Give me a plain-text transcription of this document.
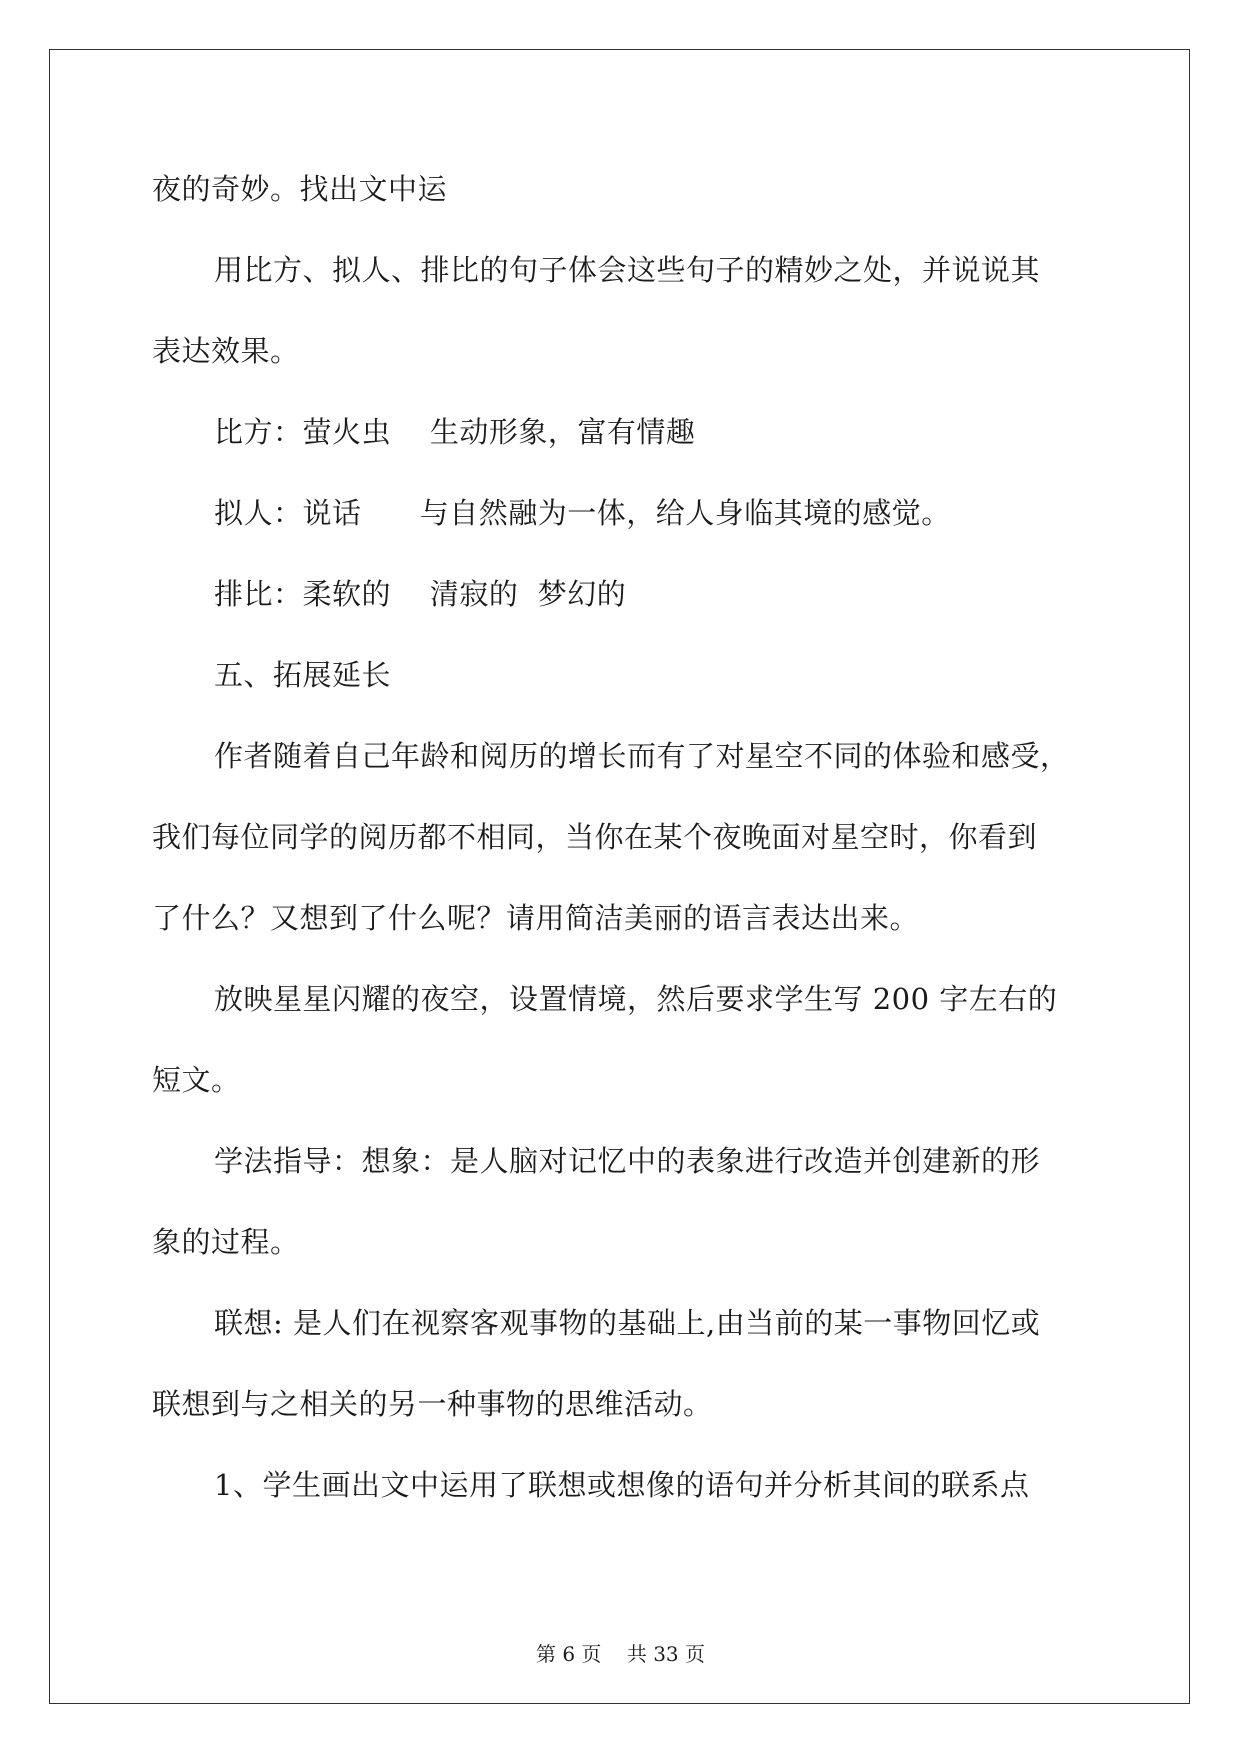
夜的奇妙。找出文中运
用比方、拟人、排比的句子体会这些句子的精妙之处，并说说其
表达效果。
比方：萤火虫    生动形象，富有情趣
拟人：说话      与自然融为一体，给人身临其境的感觉。
排比：柔软的    清寂的  梦幻的
五、拓展延长
作者随着自己年龄和阅历的增长而有了对星空不同的体验和感受，
我们每位同学的阅历都不相同，当你在某个夜晚面对星空时，你看到
了什么？又想到了什么呢？请用简洁美丽的语言表达出来。
放映星星闪耀的夜空，设置情境，然后要求学生写 200 字左右的
短文。
学法指导：想象：是人脑对记忆中的表象进行改造并创建新的形
象的过程。
联想: 是人们在视察客观事物的基础上,由当前的某一事物回忆或
联想到与之相关的另一种事物的思维活动。
1、学生画出文中运用了联想或想像的语句并分析其间的联系点
第 6 页    共 33 页
